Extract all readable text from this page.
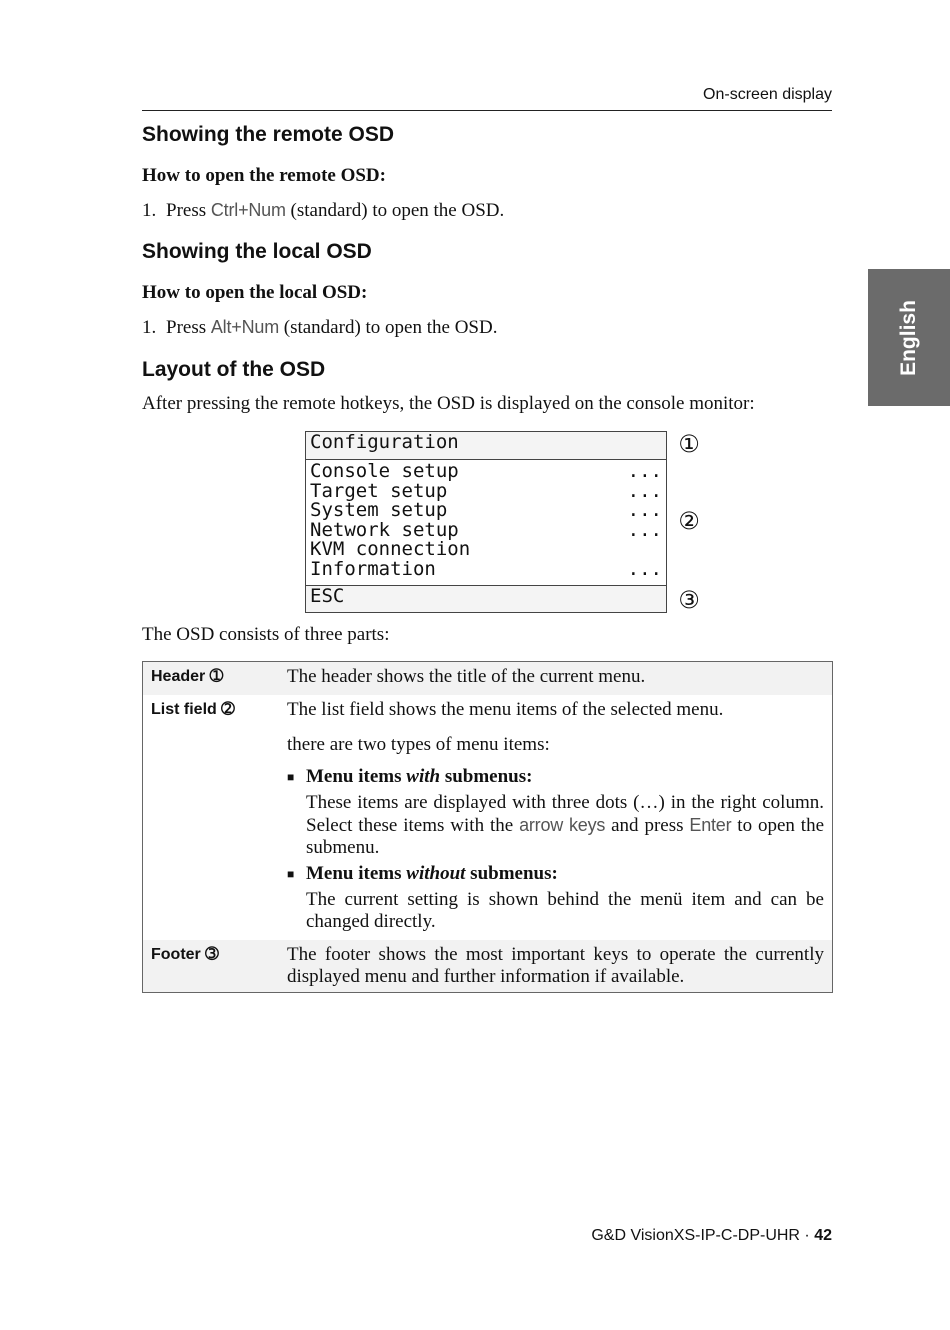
On-screen display
English
Showing the remote OSD
How to open the remote OSD:
1. Press Ctrl+Num (standard) to open the OSD.
Showing the local OSD
How to open the local OSD:
1. Press Alt+Num (standard) to open the OSD.
Layout of the OSD
After pressing the remote hotkeys, the OSD is displayed on the console monitor:
Configuration
Console setup	...
Target setup	...
System setup	...
Network setup	...
KVM connection
Information	...
ESC
①
②
③
The OSD consists of three parts:
Header ➀	The header shows the title of the current menu.

List field ➁	The list field shows the menu items of the selected menu.

there are two types of menu items:

■ Menu items with submenus:
These items are displayed with three dots (…) in the right column. Select these items with the arrow keys and press Enter to open the submenu.
■ Menu items without submenus:
The current setting is shown behind the menü item and can be changed directly.
Footer ➂	The footer shows the most important keys to operate the currently displayed menu and further information if available.

G&D VisionXS-IP-C-DP-UHR · 42
